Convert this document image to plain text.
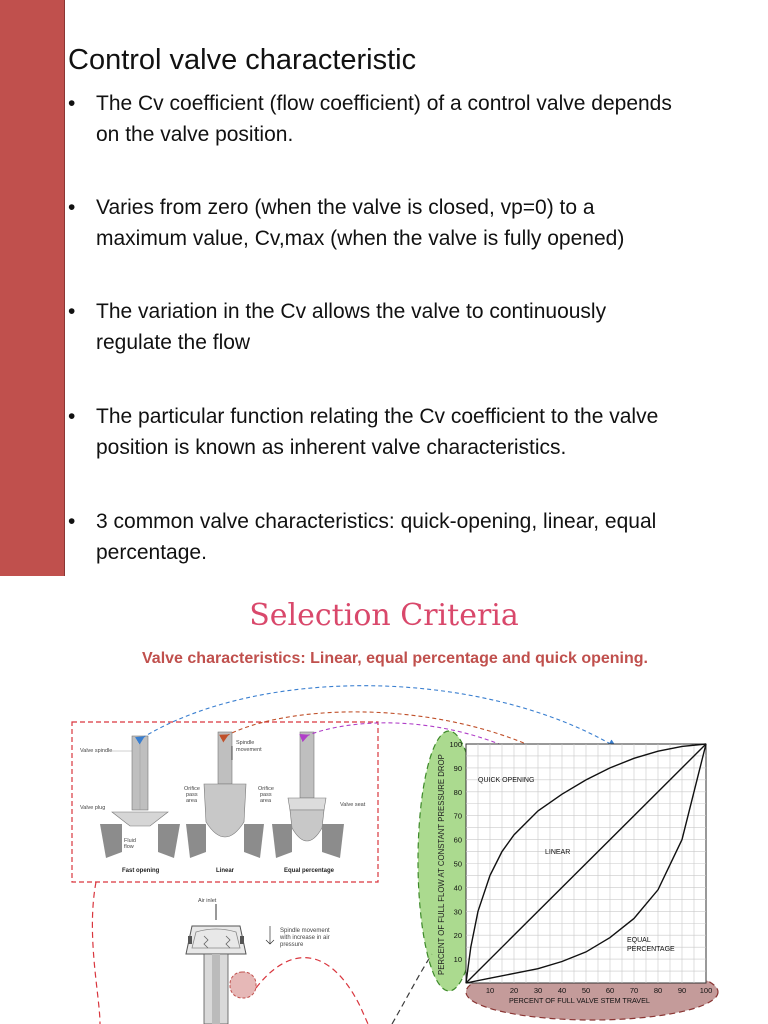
Control valve characteristic
• The Cv coefficient (flow coefficient) of a control valve depends
on the valve position.
• Varies from zero (when the valve is closed, vp=0) to a
maximum value, Cv,max (when the valve is fully opened)
• The variation in the Cv allows the valve to continuously
regulate the flow
• The particular function relating the Cv coefficient to the valve
position is known as inherent valve characteristics.
• 3 common valve characteristics: quick-opening, linear, equal
percentage.
Selection Criteria
Valve characteristics: Linear, equal percentage and quick opening.
Valve spindle
Spindle
movement
Orifice
pass
area
Orifice
pass
area
Valve plug	Valve seat
Fluid
flow
Fast opening	Linear	Equal percentage
Air inlet
Spindle movement
with increase in air
pressure	PERCENT OF FULL FLOW AT CONSTANT PRESSURE DROP 10
20
30
40
50
60
70
80
90
100
10 20 30 40 50 60 70 80 90 100
QUICK OPENING
LINEAR
EQUAL
PERCENTAGE
PERCENT OF FULL VALVE STEM TRAVEL
